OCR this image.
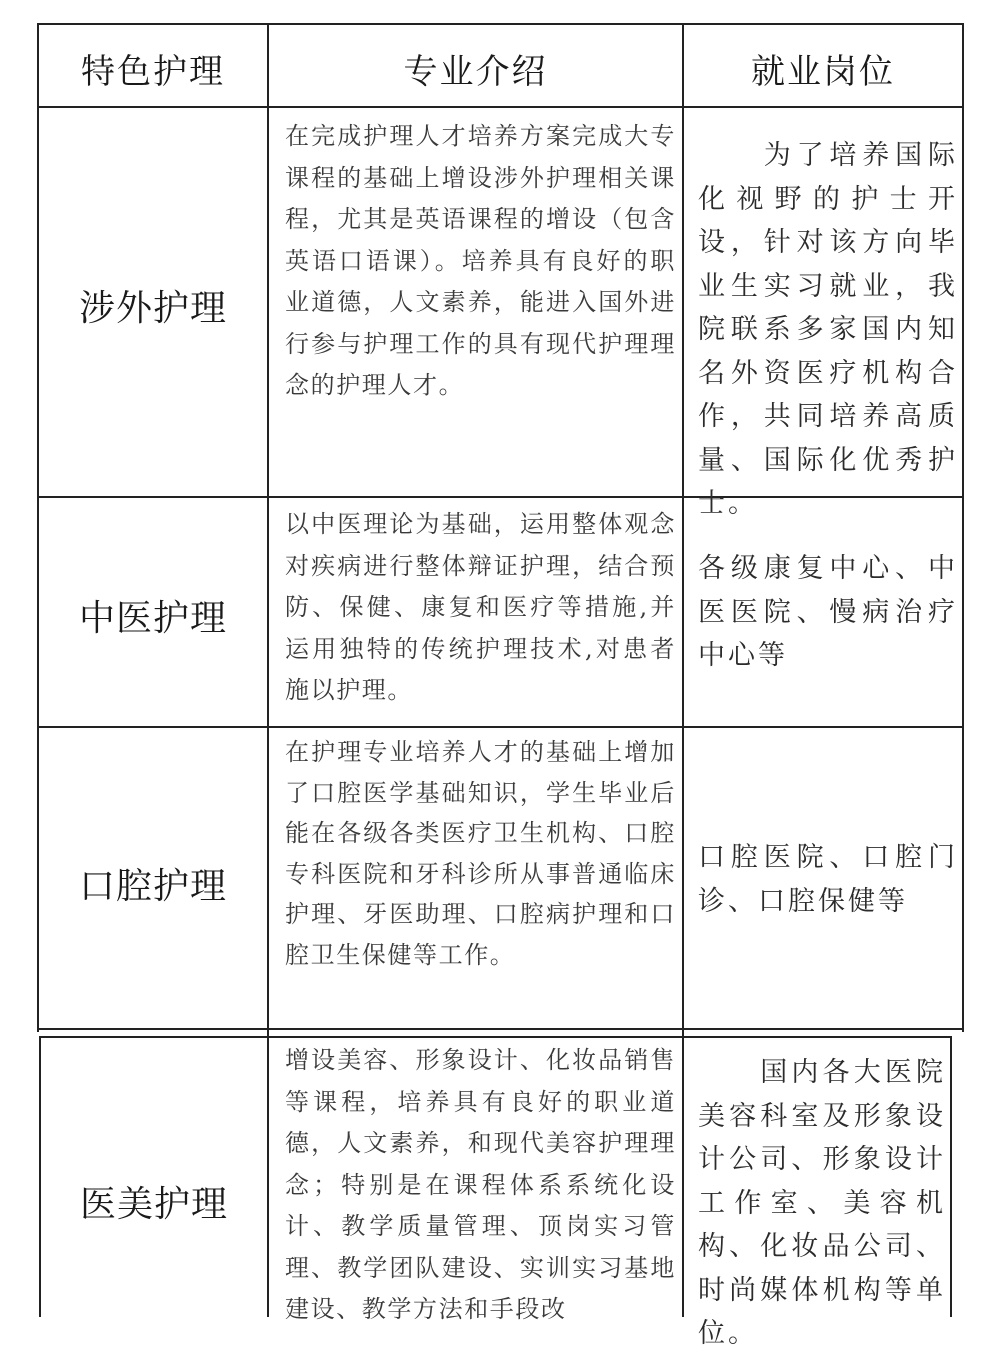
特色护理	专业介绍	就业岗位
涉外护理
在完成护理人才培养方案完成大专课程的基础上增设涉外护理相关课程，尤其是英语课程的增设（包含英语口语课）。培养具有良好的职业道德，人文素养，能进入国外进行参与护理工作的具有现代护理理念的护理人才。
　　为了培养国际化视野的护士开设，针对该方向毕业生实习就业，我院联系多家国内知名外资医疗机构合作，共同培养高质量、国际化优秀护士。
中医护理
以中医理论为基础，运用整体观念对疾病进行整体辩证护理，结合预防、保健、康复和医疗等措施,并运用独特的传统护理技术,对患者施以护理。
各级康复中心、中医医院、慢病治疗中心等
口腔护理
在护理专业培养人才的基础上增加了口腔医学基础知识，学生毕业后能在各级各类医疗卫生机构、口腔专科医院和牙科诊所从事普通临床护理、牙医助理、口腔病护理和口腔卫生保健等工作。
口腔医院、口腔门诊、口腔保健等
医美护理
增设美容、形象设计、化妆品销售等课程，培养具有良好的职业道德，人文素养，和现代美容护理理念；特别是在课程体系系统化设计、教学质量管理、顶岗实习管理、教学团队建设、实训实习基地建设、教学方法和手段改
　　国内各大医院美容科室及形象设计公司、形象设计工作室、美容机构、化妆品公司、时尚媒体机构等单位。
